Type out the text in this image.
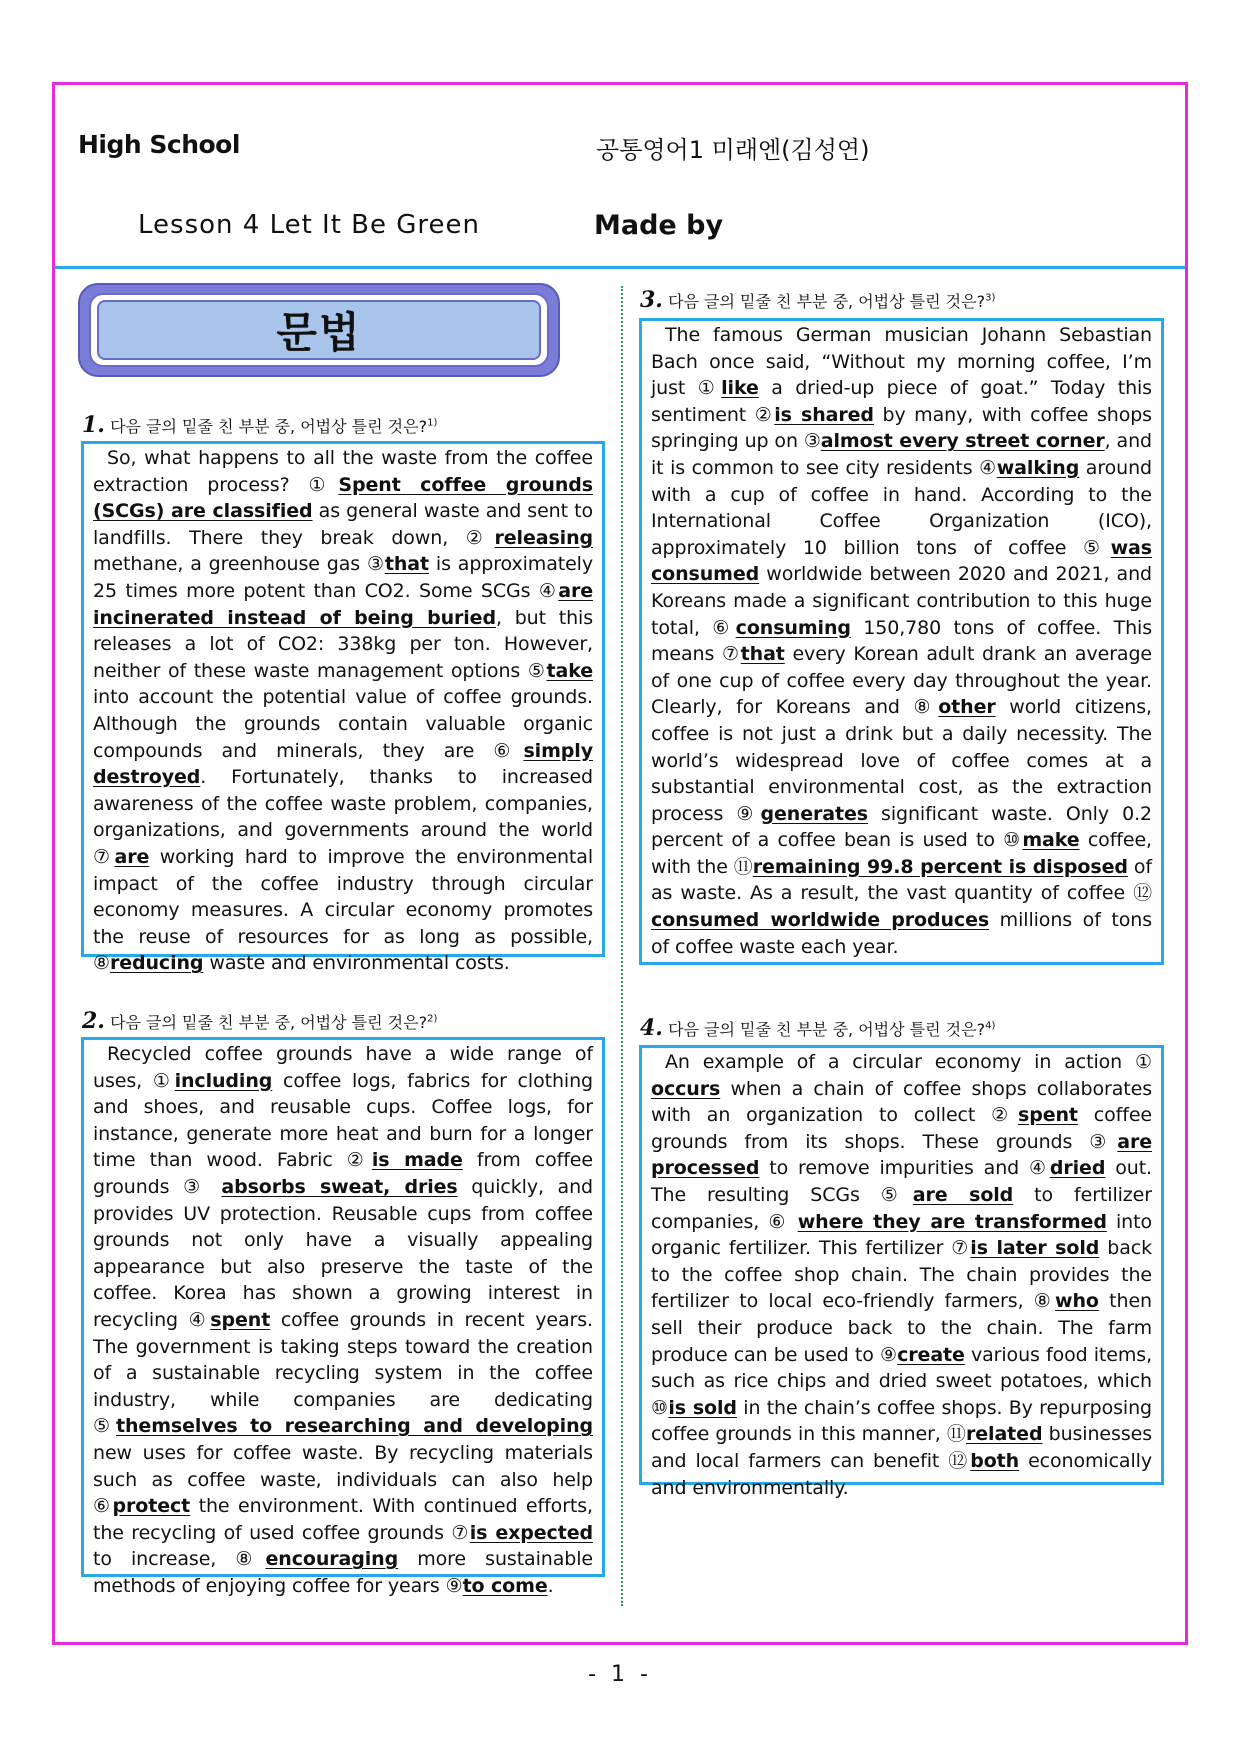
High School	공통영어1 미래엔(김성연)
Lesson 4 Let It Be Green	Made by
문법
1. 다음 글의 밑줄 친 부분 중, 어법상 틀린 것은?$^{1)}$

So, what happens to all the waste from the coffee extraction process? ①Spent coffee grounds (SCGs) are classified as general waste and sent to landfills. There they break down, ②releasing methane, a greenhouse gas ③that is approximately 25 times more potent than CO2. Some SCGs ④are incinerated instead of being buried, but this releases a lot of CO2: 338kg per ton. However, neither of these waste management options ⑤take into account the potential value of coffee grounds. Although the grounds contain valuable organic compounds and minerals, they are ⑥simply destroyed. Fortunately, thanks to increased awareness of the coffee waste problem, companies, organizations, and governments around the world ⑦are working hard to improve the environmental impact of the coffee industry through circular economy measures. A circular economy promotes the reuse of resources for as long as possible, ⑧reducing waste and environmental costs.

2. 다음 글의 밑줄 친 부분 중, 어법상 틀린 것은?$^{2)}$

Recycled coffee grounds have a wide range of uses, ①including coffee logs, fabrics for clothing and shoes, and reusable cups. Coffee logs, for instance, generate more heat and burn for a longer time than wood. Fabric ②is made from coffee grounds ③ absorbs sweat, dries quickly, and provides UV protection. Reusable cups from coffee grounds not only have a visually appealing appearance but also preserve the taste of the coffee. Korea has shown a growing interest in recycling ④spent coffee grounds in recent years. The government is taking steps toward the creation of a sustainable recycling system in the coffee industry, while companies are dedicating ⑤themselves to researching and developing new uses for coffee waste. By recycling materials such as coffee waste, individuals can also help ⑥protect the environment. With continued efforts, the recycling of used coffee grounds ⑦is expected to increase, ⑧encouraging more sustainable methods of enjoying coffee for years ⑨to come.

3. 다음 글의 밑줄 친 부분 중, 어법상 틀린 것은?$^{3)}$

The famous German musician Johann Sebastian Bach once said, “Without my morning coffee, I’m just ①like a dried-up piece of goat.” Today this sentiment ②is shared by many, with coffee shops springing up on ③almost every street corner, and it is common to see city residents ④walking around with a cup of coffee in hand. According to the International Coffee Organization (ICO), approximately 10 billion tons of coffee ⑤was consumed worldwide between 2020 and 2021, and Koreans made a significant contribution to this huge total, ⑥consuming 150,780 tons of coffee. This means ⑦that every Korean adult drank an average of one cup of coffee every day throughout the year. Clearly, for Koreans and ⑧other world citizens, coffee is not just a drink but a daily necessity. The world’s widespread love of coffee comes at a substantial environmental cost, as the extraction process ⑨generates significant waste. Only 0.2 percent of a coffee bean is used to ⑩make coffee, with the ⑪remaining 99.8 percent is disposed of as waste. As a result, the vast quantity of coffee ⑫ consumed worldwide produces millions of tons of coffee waste each year.

4. 다음 글의 밑줄 친 부분 중, 어법상 틀린 것은?$^{4)}$

An example of a circular economy in action ① occurs when a chain of coffee shops collaborates with an organization to collect ②spent coffee grounds from its shops. These grounds ③are processed to remove impurities and ④dried out. The resulting SCGs ⑤are sold to fertilizer companies, ⑥ where they are transformed into organic fertilizer. This fertilizer ⑦is later sold back to the coffee shop chain. The chain provides the fertilizer to local eco-friendly farmers, ⑧who then sell their produce back to the chain. The farm produce can be used to ⑨create various food items, such as rice chips and dried sweet potatoes, which ⑩is sold in the chain’s coffee shops. By repurposing coffee grounds in this manner, ⑪related businesses and local farmers can benefit ⑫both economically and environmentally.

- 1 -
